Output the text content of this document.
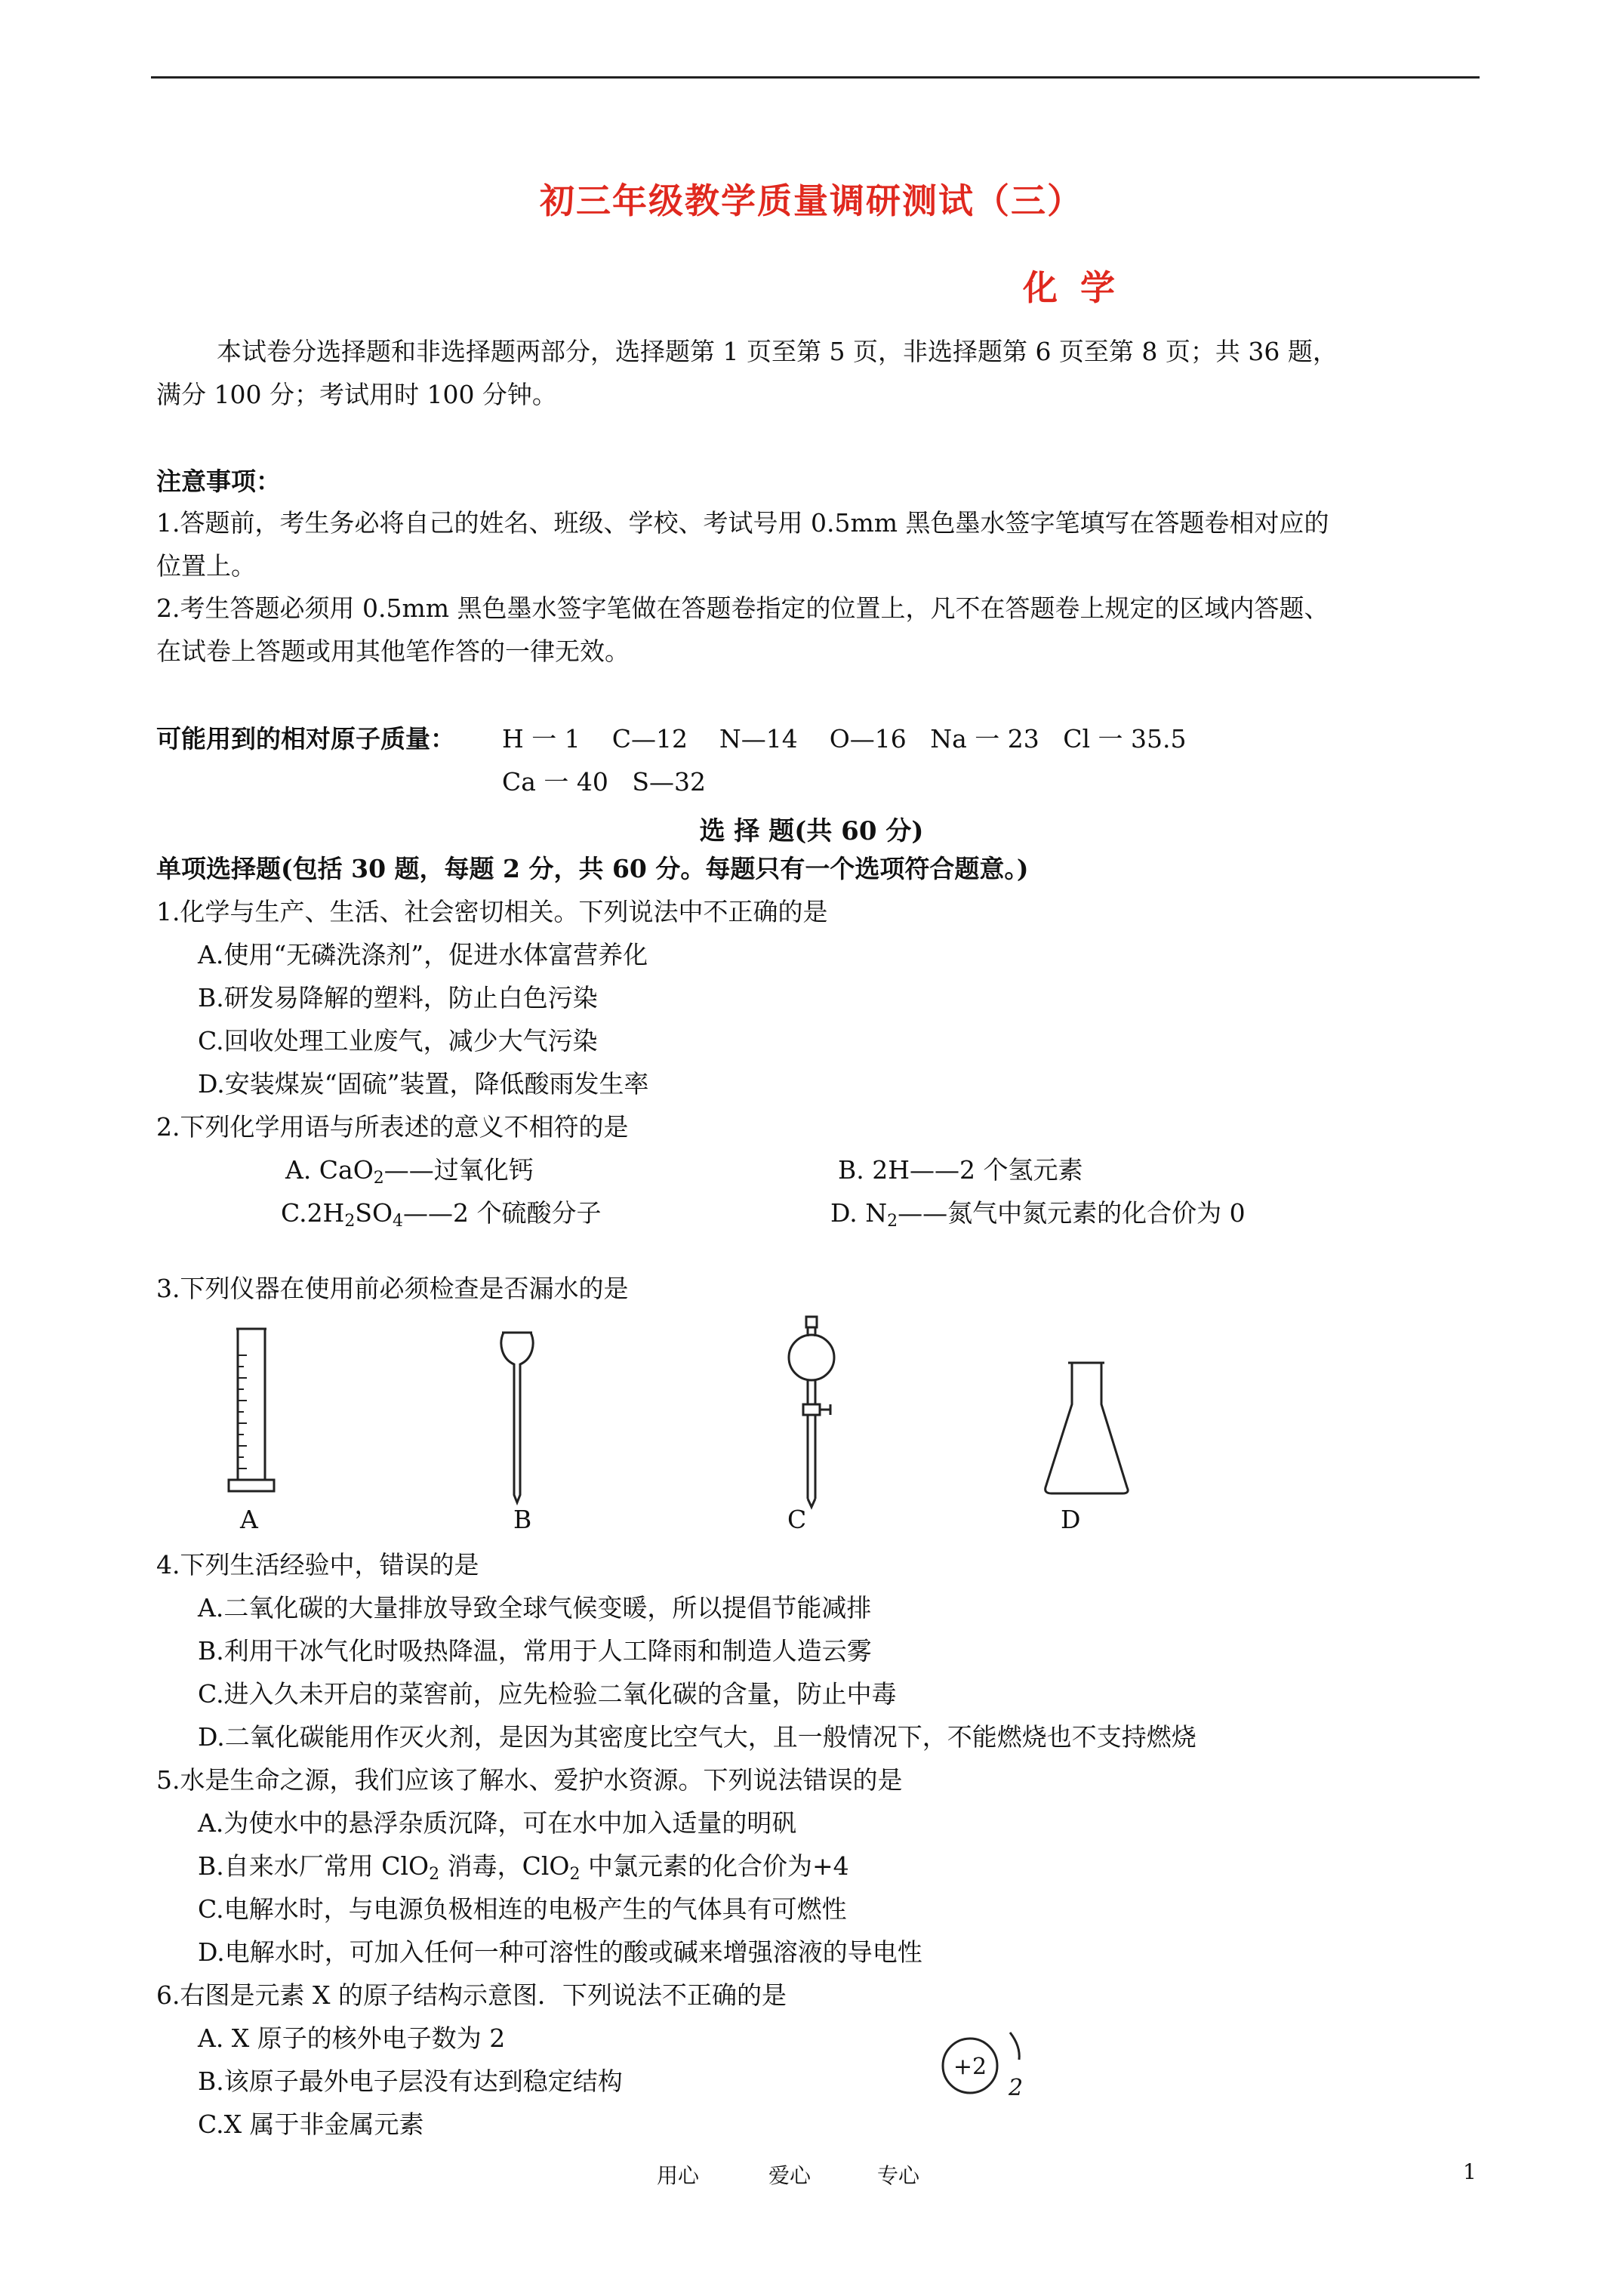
初三年级教学质量调研测试（三）
化学
本试卷分选择题和非选择题两部分，选择题第 1 页至第 5 页，非选择题第 6 页至第 8 页；共 36 题，
满分 100 分；考试用时 100 分钟。
注意事项：
1.答题前，考生务必将自己的姓名、班级、学校、考试号用 0.5mm 黑色墨水签字笔填写在答题卷相对应的
位置上。
2.考生答题必须用 0.5mm 黑色墨水签字笔做在答题卷指定的位置上，凡不在答题卷上规定的区域内答题、
在试卷上答题或用其他笔作答的一律无效。
可能用到的相对原子质量： H 一 1    C—12    N—14    O—16   Na 一 23   Cl 一 35.5
Ca 一 40   S—32
选 择 题(共 60 分)
单项选择题(包括 30 题，每题 2 分，共 60 分。每题只有一个选项符合题意。)
1.化学与生产、生活、社会密切相关。下列说法中不正确的是
A.使用“无磷洗涤剂”，促进水体富营养化
B.研发易降解的塑料，防止白色污染
C.回收处理工业废气，减少大气污染
D.安装煤炭“固硫”装置，降低酸雨发生率
2.下列化学用语与所表述的意义不相符的是
A. CaO$_2$——过氧化钙	B. 2H——2 个氢元素
$C.2H_2SO_4——2$ 个硫酸分子	D. $N_2——$氮气中氮元素的化合价为 0
3.下列仪器在使用前必须检查是否漏水的是
A	B	C	D
4.下列生活经验中，错误的是
A.二氧化碳的大量排放导致全球气候变暖，所以提倡节能减排
B.利用干冰气化时吸热降温，常用于人工降雨和制造人造云雾
C.进入久未开启的菜窖前，应先检验二氧化碳的含量，防止中毒
D.二氧化碳能用作灭火剂，是因为其密度比空气大，且一般情况下，不能燃烧也不支持燃烧
5.水是生命之源，我们应该了解水、爱护水资源。下列说法错误的是
A.为使水中的悬浮杂质沉降，可在水中加入适量的明矾
B.自来水厂常用 ClO$_2$ 消毒，ClO$_2$ 中氯元素的化合价为+4
C.电解水时，与电源负极相连的电极产生的气体具有可燃性
D.电解水时，可加入任何一种可溶性的酸或碱来增强溶液的导电性
6.右图是元素 X 的原子结构示意图．下列说法不正确的是
A. X 原子的核外电子数为 2
B.该原子最外电子层没有达到稳定结构
C.X 属于非金属元素
+2
2
用心	爱心	专心	1
